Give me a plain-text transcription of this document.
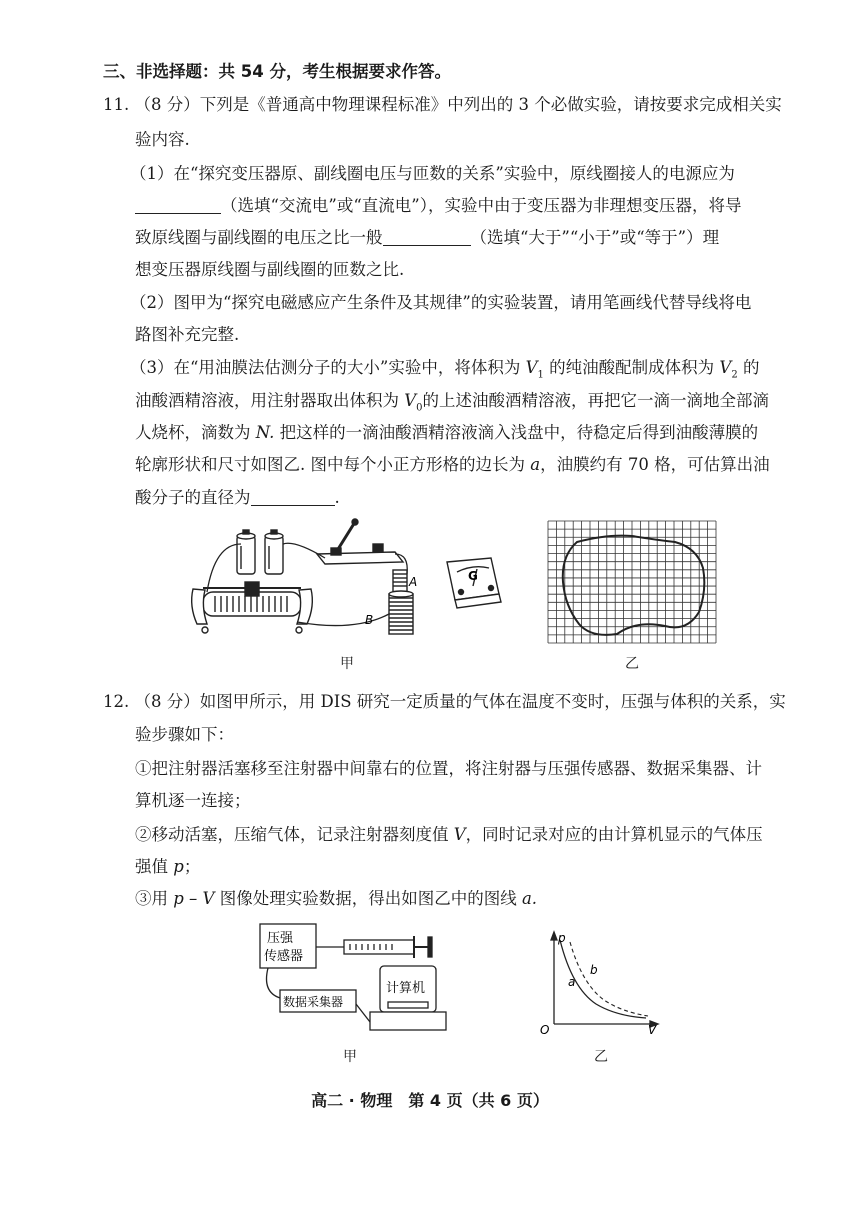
三、非选择题：共 54 分，考生根据要求作答。
11. （8 分）下列是《普通高中物理课程标准》中列出的 3 个必做实验，请按要求完成相关实
验内容.
（1）在“探究变压器原、副线圈电压与匝数的关系”实验中，原线圈接人的电源应为
（选填“交流电”或“直流电”），实验中由于变压器为非理想变压器，将导
致原线圈与副线圈的电压之比一般	（选填“大于”“小于”或“等于”）理
想变压器原线圈与副线圈的匝数之比.
（2）图甲为“探究电磁感应产生条件及其规律”的实验装置，请用笔画线代替导线将电
路图补充完整.
（3）在“用油膜法估测分子的大小”实验中，将体积为 $V_1$ 的纯油酸配制成体积为 $V_2$ 的
油酸酒精溶液，用注射器取出体积为 $V_0$的上述油酸酒精溶液，再把它一滴一滴地全部滴
人烧杯，滴数为 N. 把这样的一滴油酸酒精溶液滴入浅盘中，待稳定后得到油酸薄膜的
轮廓形状和尺寸如图乙. 图中每个小正方形格的边长为 a，油膜约有 70 格，可估算出油
酸分子的直径为	.
A
B
G
甲	乙
12. （8 分）如图甲所示，用 DIS 研究一定质量的气体在温度不变时，压强与体积的关系，实
验步骤如下：
①把注射器活塞移至注射器中间靠右的位置，将注射器与压强传感器、数据采集器、计
算机逐一连接；
②移动活塞，压缩气体，记录注射器刻度值 V，同时记录对应的由计算机显示的气体压
强值 p；
③用 p – V 图像处理实验数据，得出如图乙中的图线 a.
压强
传感器
数据采集器
计算机
甲
p
V
O
a
b
乙
高二 · 物理　第 4 页（共 6 页）
